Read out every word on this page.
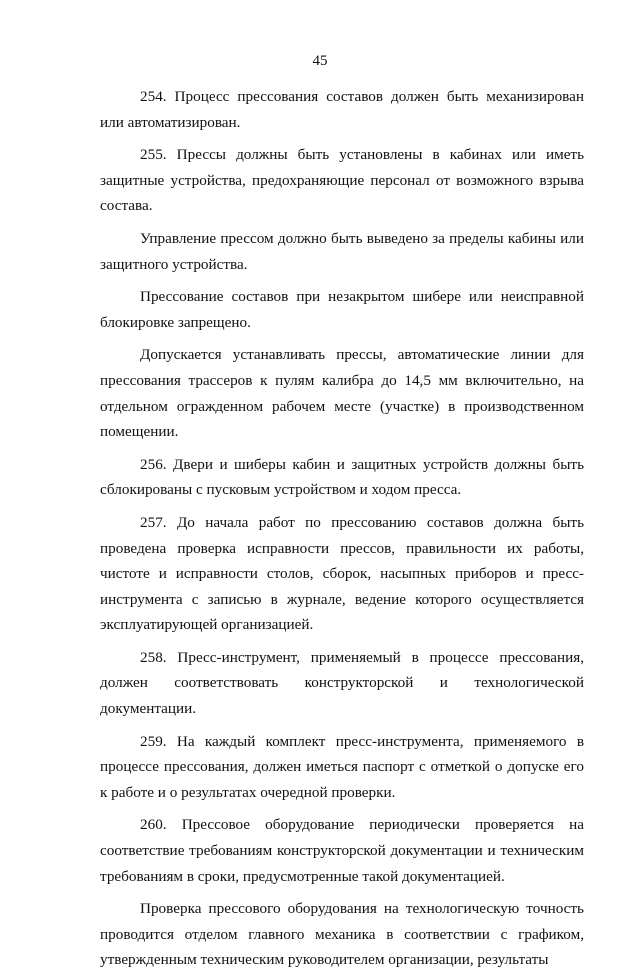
45

254. Процесс прессования составов должен быть механизирован или автоматизирован.

255. Прессы должны быть установлены в кабинах или иметь защитные устройства, предохраняющие персонал от возможного взрыва состава.

Управление прессом должно быть выведено за пределы кабины или защитного устройства.

Прессование составов при незакрытом шибере или неисправной блокировке запрещено.

Допускается устанавливать прессы, автоматические линии для прессования трассеров к пулям калибра до 14,5 мм включительно, на отдельном огражденном рабочем месте (участке) в производственном помещении.

256. Двери и шиберы кабин и защитных устройств должны быть сблокированы с пусковым устройством и ходом пресса.

257. До начала работ по прессованию составов должна быть проведена проверка исправности прессов, правильности их работы, чистоте и исправности столов, сборок, насыпных приборов и пресс-инструмента с записью в журнале, ведение которого осуществляется эксплуатирующей организацией.

258. Пресс-инструмент, применяемый в процессе прессования, должен соответствовать конструкторской и технологической документации.

259. На каждый комплект пресс-инструмента, применяемого в процессе прессования, должен иметься паспорт с отметкой о допуске его к работе и о результатах очередной проверки.

260. Прессовое оборудование периодически проверяется на соответствие требованиям конструкторской документации и техническим требованиям в сроки, предусмотренные такой документацией.

Проверка прессового оборудования на технологическую точность проводится отделом главного механика в соответствии с графиком, утвержденным техническим руководителем организации, результаты
